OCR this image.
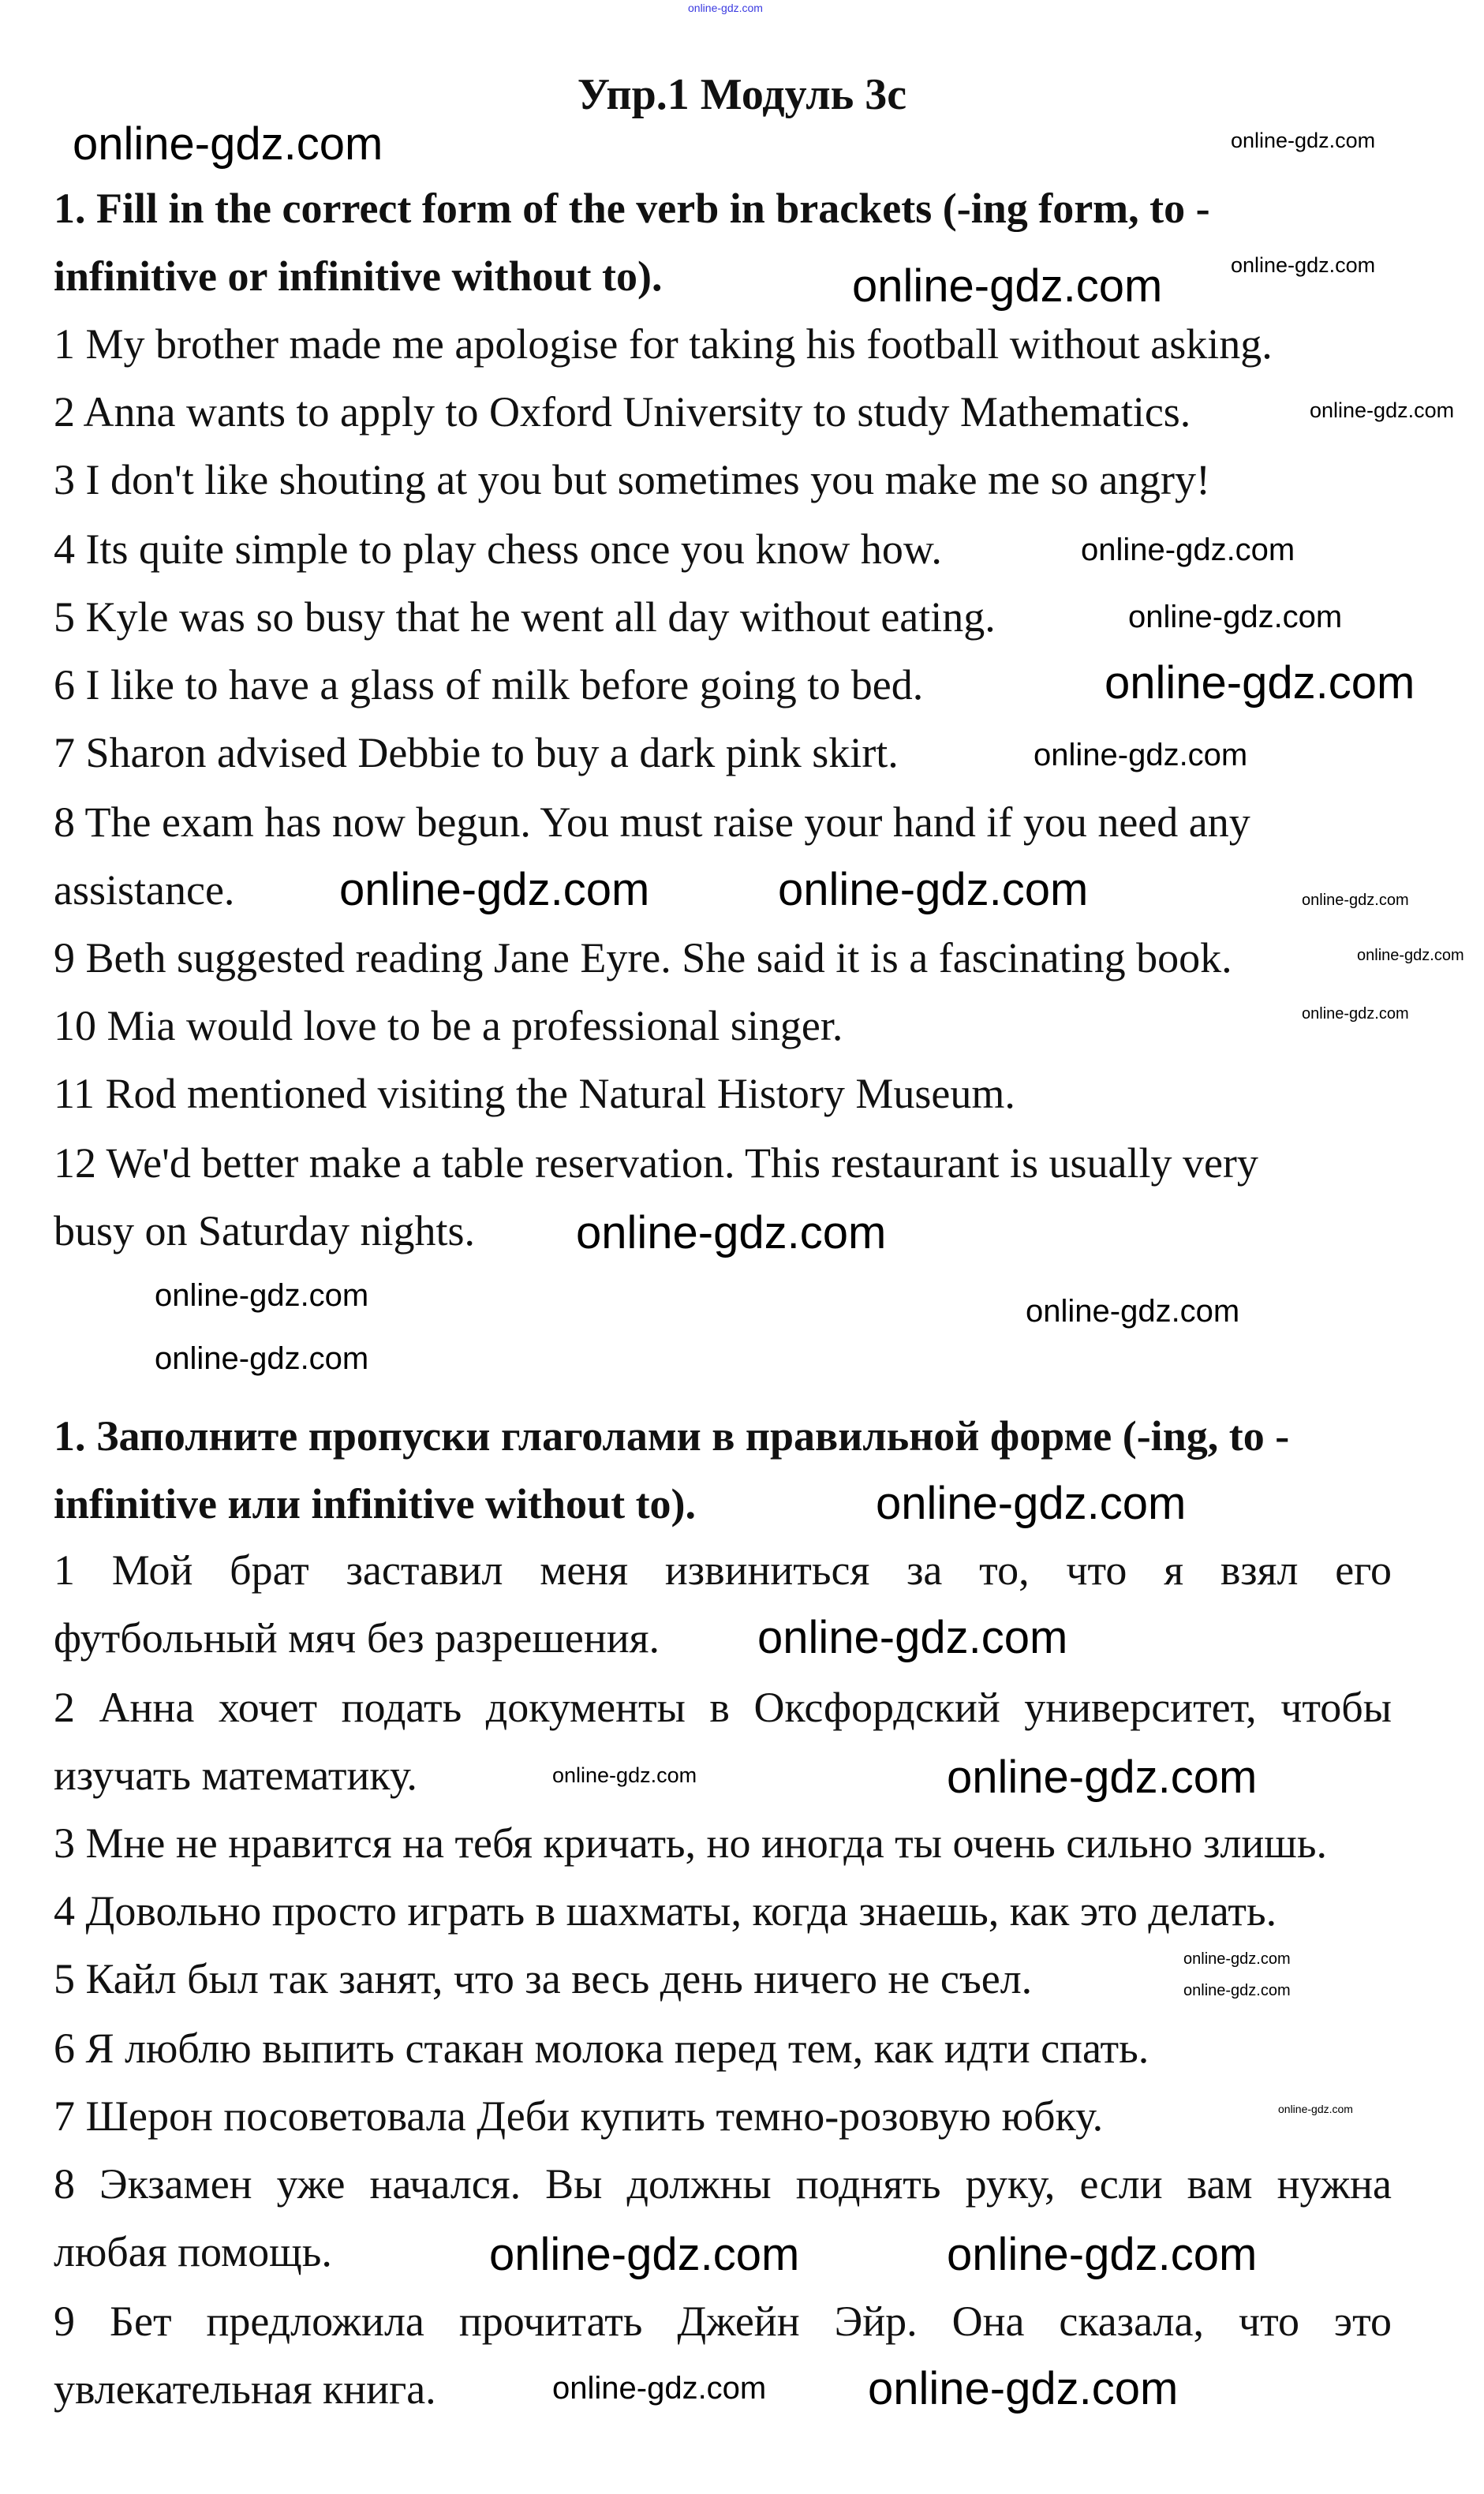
Упр.1 Модуль 3с
1. Fill in the correct form of the verb in brackets (-ing form, to -
infinitive or infinitive without to).
1 My brother made me apologise for taking his football without asking.
2 Anna wants to apply to Oxford University to study Mathematics.
3 I don't like shouting at you but sometimes you make me so angry!
4 Its quite simple to play chess once you know how.
5 Kyle was so busy that he went all day without eating.
6 I like to have a glass of milk before going to bed.
7 Sharon advised Debbie to buy a dark pink skirt.
8 The exam has now begun. You must raise your hand if you need any
assistance.
9 Beth suggested reading Jane Eyre. She said it is a fascinating book.
10 Mia would love to be a professional singer.
11 Rod mentioned visiting the Natural History Museum.
12 We'd better make a table reservation. This restaurant is usually very
busy on Saturday nights.
1. Заполните пропуски глаголами в правильной форме (-ing, to -
infinitive или infinitive without to).
1 Мой брат заставил меня извиниться за то, что я взял его
футбольный мяч без разрешения.
2 Анна хочет подать документы в Оксфордский университет, чтобы
изучать математику.
3 Мне не нравится на тебя кричать, но иногда ты очень сильно злишь.
4 Довольно просто играть в шахматы, когда знаешь, как это делать.
5 Кайл был так занят, что за весь день ничего не съел.
6 Я люблю выпить стакан молока перед тем, как идти спать.
7 Шерон посоветовала Деби купить темно-розовую юбку.
8 Экзамен уже начался. Вы должны поднять руку, если вам нужна
любая помощь.
9 Бет предложила прочитать Джейн Эйр. Она сказала, что это
увлекательная книга.
online-gdz.com
online-gdz.com	online-gdz.com
online-gdz.com
online-gdz.com
online-gdz.com
online-gdz.com
online-gdz.com
online-gdz.com
online-gdz.com
online-gdz.com	online-gdz.com	online-gdz.com
online-gdz.com
online-gdz.com
online-gdz.com	online-gdz.com
online-gdz.com
online-gdz.com
online-gdz.com
online-gdz.com
online-gdz.com	online-gdz.com
online-gdz.com
online-gdz.com
online-gdz.com
online-gdz.com
online-gdz.com
online-gdz.com online-gdz.com
